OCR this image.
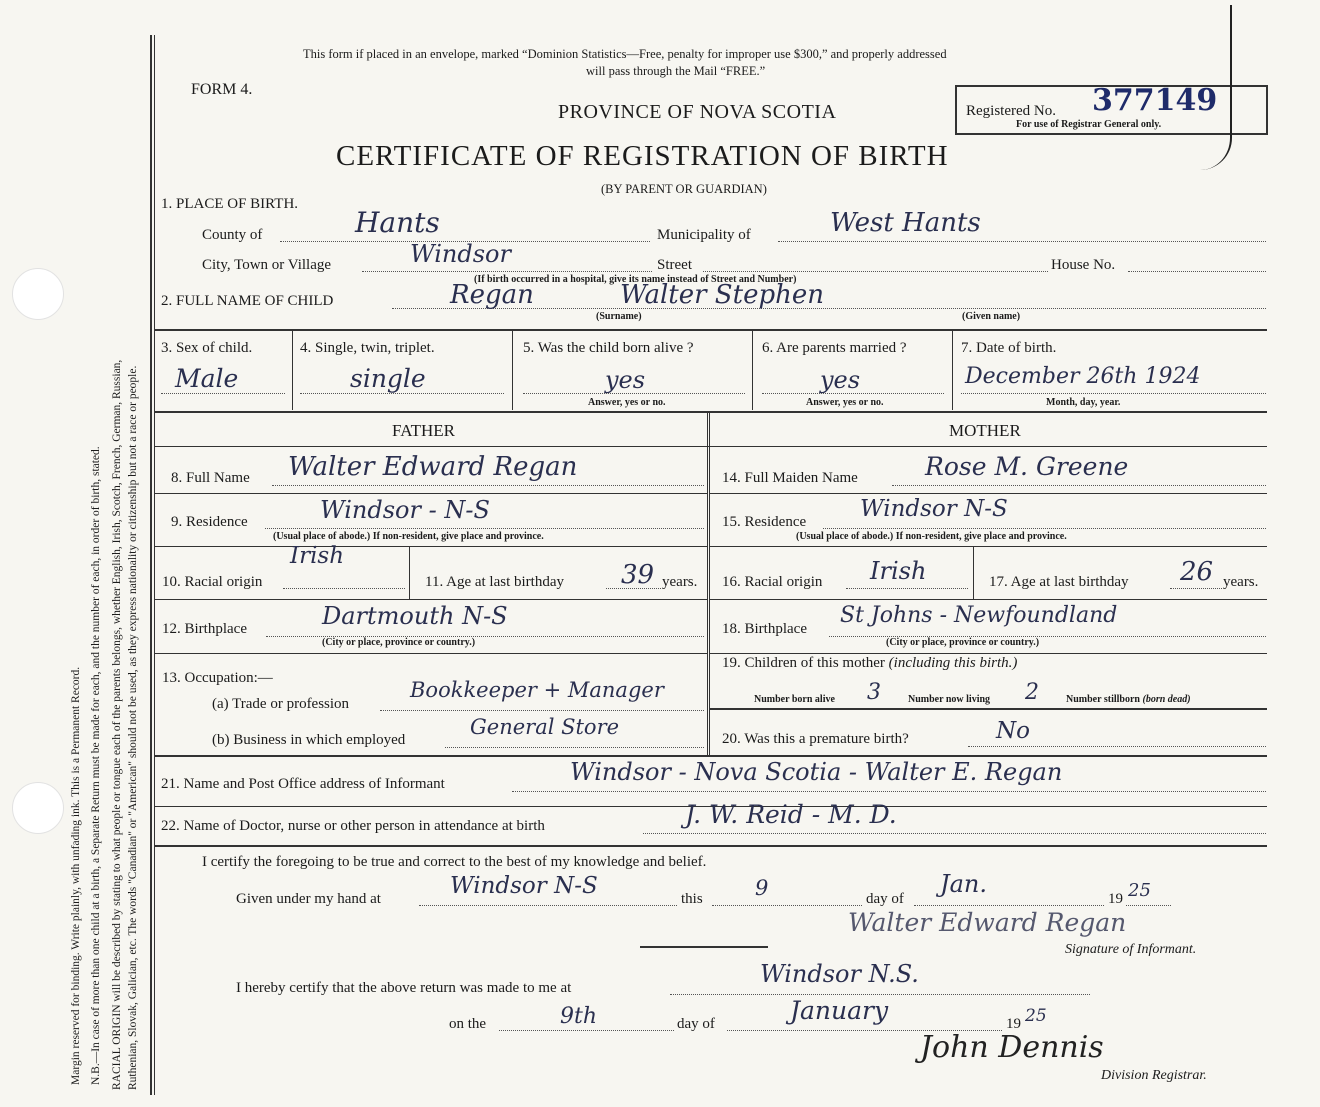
Margin reserved for binding. Write plainly, with unfading ink. This is a Permanent Record. N.B.—In case of more than one child at a birth, a Separate Return must be made for each, and the number of each, in order of birth, stated. RACIAL ORIGIN will be described by stating to what people or tongue each of the parents belongs, whether English, Irish, Scotch, French, German, Russian, Ruthenian, Slovak, Galician, etc. The words "Canadian" or "American" should not be used, as they express nationality or citizenship but not a race or people.
This form if placed in an envelope, marked “Dominion Statistics—Free, penalty for improper use $300,” and properly addressed
will pass through the Mail “FREE.”
FORM 4.
PROVINCE OF NOVA SCOTIA
CERTIFICATE OF REGISTRATION OF BIRTH
(BY PARENT OR GUARDIAN)
Registered No. 377149
For use of Registrar General only.
1. PLACE OF BIRTH.
County of	Hants	Municipality of	West Hants
City, Town or Village	Windsor	Street	House No.
(If birth occurred in a hospital, give its name instead of Street and Number)
2. FULL NAME OF CHILD	Regan	Walter Stephen
(Surname)	(Given name)
3. Sex of child.
Male
4. Single, twin, triplet.
single
5. Was the child born alive ?
yes
Answer, yes or no.
6. Are parents married ?
yes
Answer, yes or no.
7. Date of birth.
December 26th 1924
Month, day, year.
FATHER	MOTHER
8. Full Name Walter Edward Regan
9. Residence	Windsor - N-S
(Usual place of abode.) If non-resident, give place and province.
10. Racial origin
Irish
11. Age at last birthday 39 years.
12. Birthplace	Dartmouth N-S
(City or place, province or country.)
13. Occupation:—
(a) Trade or profession
Bookkeeper + Manager
(b) Business in which employed
General Store
14. Full Maiden Name	Rose M. Greene
15. Residence Windsor N-S
(Usual place of abode.) If non-resident, give place and province.
16. Racial origin Irish	17. Age at last birthday 26 years.
18. Birthplace
St Johns - Newfoundland
(City or place, province or country.)
19. Children of this mother (including this birth.)
Number born alive 3	Number now living 2	Number stillborn (born dead)
20. Was this a premature birth?	No
21. Name and Post Office address of Informant	Windsor - Nova Scotia - Walter E. Regan
22. Name of Doctor, nurse or other person in attendance at birth	J. W. Reid - M. D.
I certify the foregoing to be true and correct to the best of my knowledge and belief.
Given under my hand at	Windsor N-S	this 9	day of
Jan.
19 25
Walter Edward Regan
Signature of Informant.
I hereby certify that the above return was made to me at	Windsor N.S.
on the	9th	day of	January	19 25
John Dennis
Division Registrar.
